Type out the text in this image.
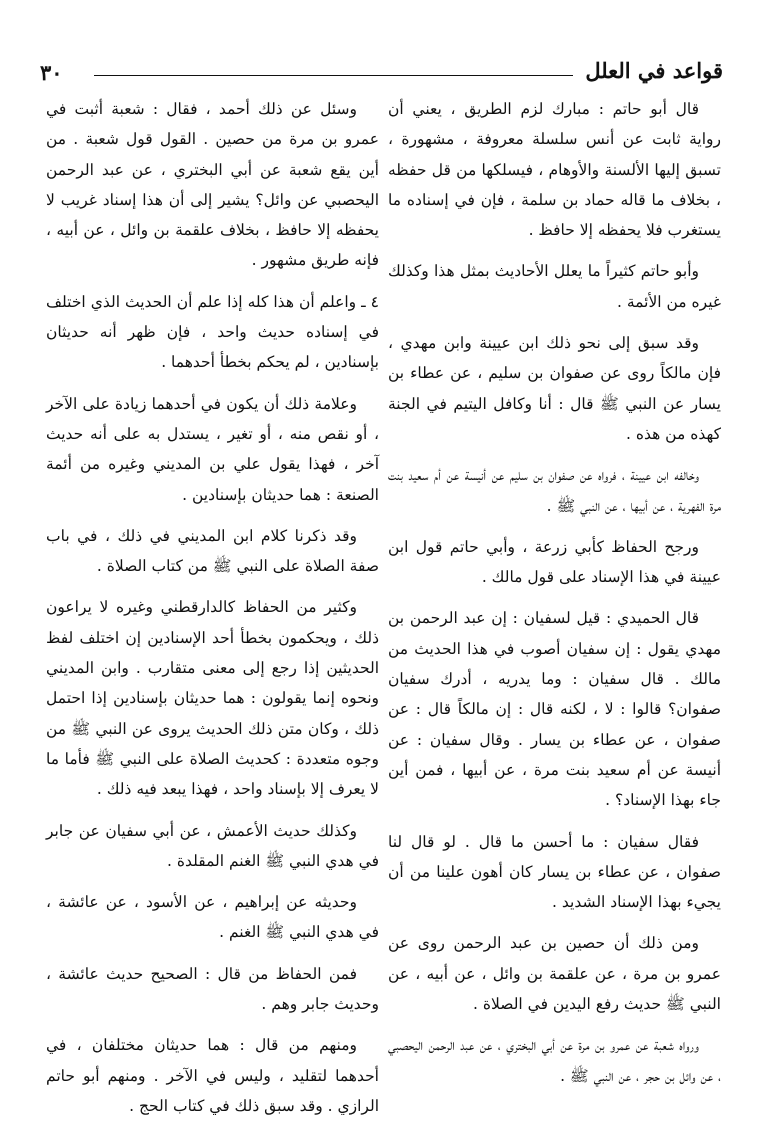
٣٠	قواعد في العلل

قال أبو حاتم : مبارك لزم الطريق ، يعني أن رواية ثابت عن أنس سلسلة معروفة ، مشهورة ، تسبق إليها الألسنة والأوهام ، فيسلكها من قل حفظه ، بخلاف ما قاله حماد بن سلمة ، فإن في إسناده ما يستغرب فلا يحفظه إلا حافظ .

وأبو حاتم كثيراً ما يعلل الأحاديث بمثل هذا وكذلك غيره من الأئمة .

وقد سبق إلى نحو ذلك ابن عيينة وابن مهدي ، فإن مالكاً روى عن صفوان بن سليم ، عن عطاء بن يسار عن النبي ﷺ قال : أنا وكافل اليتيم في الجنة كهذه من هذه .

وخالفه ابن عيينة ، فرواه عن صفوان بن سليم عن أنيسة عن أم سعيد بنت مرة الفهرية ، عن أبيها ، عن النبي ﷺ .

ورجح الحفاظ كأبي زرعة ، وأبي حاتم قول ابن عيينة في هذا الإسناد على قول مالك .

قال الحميدي : قيل لسفيان : إن عبد الرحمن بن مهدي يقول : إن سفيان أصوب في هذا الحديث من مالك . قال سفيان : وما يدريه ، أدرك سفيان صفوان؟ قالوا : لا ، لكنه قال : إن مالكاً قال : عن صفوان ، عن عطاء بن يسار . وقال سفيان : عن أنيسة عن أم سعيد بنت مرة ، عن أبيها ، فمن أين جاء بهذا الإسناد؟ .

فقال سفيان : ما أحسن ما قال . لو قال لنا صفوان ، عن عطاء بن يسار كان أهون علينا من أن يجيء بهذا الإسناد الشديد .

ومن ذلك أن حصين بن عبد الرحمن روى عن عمرو بن مرة ، عن علقمة بن وائل ، عن أبيه ، عن النبي ﷺ حديث رفع اليدين في الصلاة .

ورواه شعبة عن عمرو بن مرة عن أبي البختري ، عن عبد الرحمن اليحصبي ، عن وائل بن حجر ، عن النبي ﷺ .

وسئل عن ذلك أحمد ، فقال : شعبة أثبت في عمرو بن مرة من حصين . القول قول شعبة . من أين يقع شعبة عن أبي البختري ، عن عبد الرحمن اليحصبي عن وائل؟ يشير إلى أن هذا إسناد غريب لا يحفظه إلا حافظ ، بخلاف علقمة بن وائل ، عن أبيه ، فإنه طريق مشهور .

٤ ـ واعلم أن هذا كله إذا علم أن الحديث الذي اختلف في إسناده حديث واحد ، فإن ظهر أنه حديثان بإسنادين ، لم يحكم بخطأ أحدهما .

وعلامة ذلك أن يكون في أحدهما زيادة على الآخر ، أو نقص منه ، أو تغير ، يستدل به على أنه حديث آخر ، فهذا يقول علي بن المديني وغيره من أئمة الصنعة : هما حديثان بإسنادين .

وقد ذكرنا كلام ابن المديني في ذلك ، في باب صفة الصلاة على النبي ﷺ من كتاب الصلاة .

وكثير من الحفاظ كالدارقطني وغيره لا يراعون ذلك ، ويحكمون بخطأ أحد الإسنادين إن اختلف لفظ الحديثين إذا رجع إلى معنى متقارب . وابن المديني ونحوه إنما يقولون : هما حديثان بإسنادين إذا احتمل ذلك ، وكان متن ذلك الحديث يروى عن النبي ﷺ من وجوه متعددة : كحديث الصلاة على النبي ﷺ فأما ما لا يعرف إلا بإسناد واحد ، فهذا يبعد فيه ذلك .

وكذلك حديث الأعمش ، عن أبي سفيان عن جابر في هدي النبي ﷺ الغنم المقلدة .

وحديثه عن إبراهيم ، عن الأسود ، عن عائشة ، في هدي النبي ﷺ الغنم .

فمن الحفاظ من قال : الصحيح حديث عائشة ، وحديث جابر وهم .

ومنهم من قال : هما حديثان مختلفان ، في أحدهما لتقليد ، وليس في الآخر . ومنهم أبو حاتم الرازي . وقد سبق ذلك في كتاب الحج .
